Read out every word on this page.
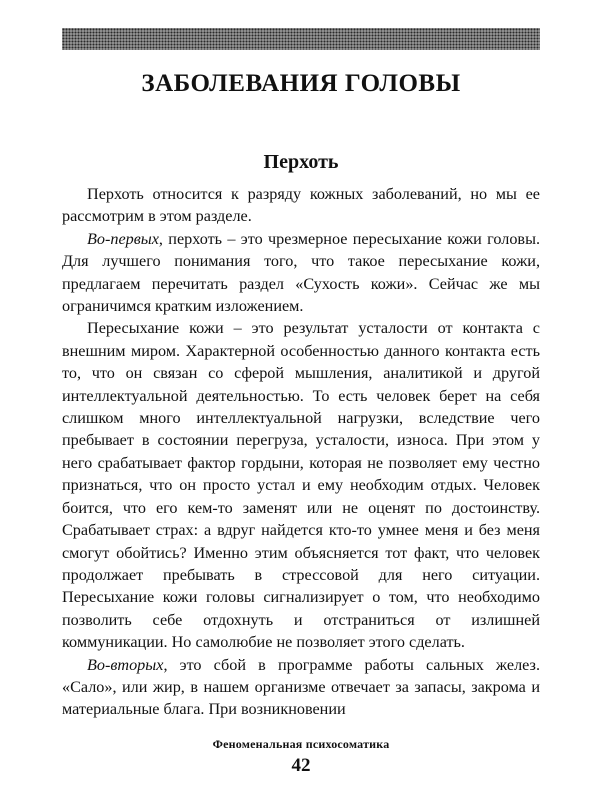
ЗАБОЛЕВАНИЯ ГОЛОВЫ
Перхоть

Перхоть относится к разряду кожных заболеваний, но мы ее рассмотрим в этом разделе.

Во-первых, перхоть – это чрезмерное пересыхание кожи головы. Для лучшего понимания того, что такое пересыхание кожи, предлагаем перечитать раздел «Сухость кожи». Сейчас же мы ограничимся кратким изложением.

Пересыхание кожи – это результат усталости от контакта с внешним миром. Характерной особенностью данного контакта есть то, что он связан со сферой мышления, аналитикой и другой интеллектуальной деятельностью. То есть человек берет на себя слишком много интеллектуальной нагрузки, вследствие чего пребывает в состоянии перегруза, усталости, износа. При этом у него срабатывает фактор гордыни, которая не позволяет ему честно признаться, что он просто устал и ему необходим отдых. Человек боится, что его кем-то заменят или не оценят по достоинству. Срабатывает страх: а вдруг найдется кто-то умнее меня и без меня смогут обойтись? Именно этим объясняется тот факт, что человек продолжает пребывать в стрессовой для него ситуации. Пересыхание кожи головы сигнализирует о том, что необходимо позволить себе отдохнуть и отстраниться от излишней коммуникации. Но самолюбие не позволяет этого сделать.

Во-вторых, это сбой в программе работы сальных желез. «Сало», или жир, в нашем организме отвечает за запасы, закрома и материальные блага. При возникновении

Феноменальная психосоматика
42
